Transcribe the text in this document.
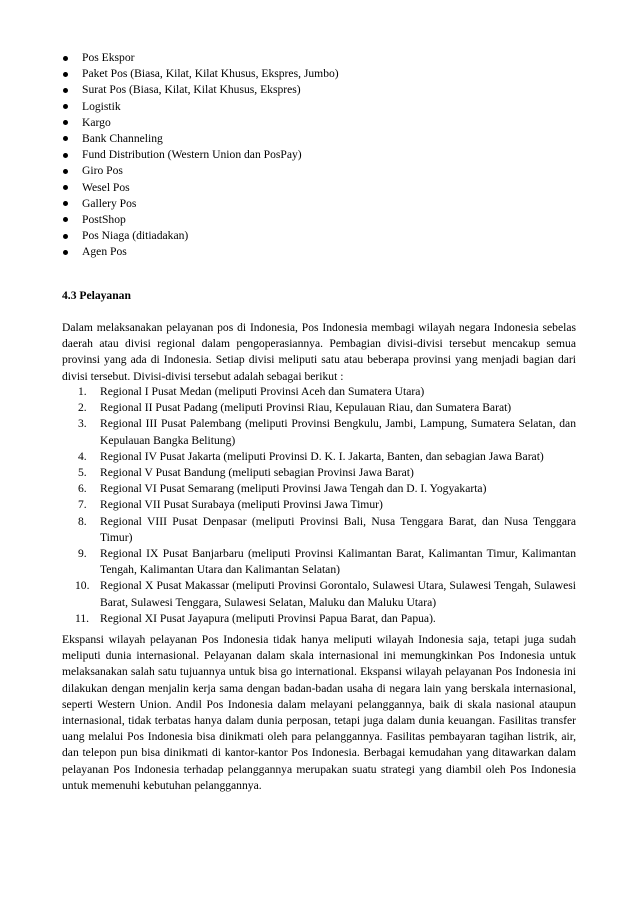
Pos Ekspor
Paket Pos (Biasa, Kilat, Kilat Khusus, Ekspres, Jumbo)
Surat Pos (Biasa, Kilat, Kilat Khusus, Ekspres)
Logistik
Kargo
Bank Channeling
Fund Distribution (Western Union dan PosPay)
Giro Pos
Wesel Pos
Gallery Pos
PostShop
Pos Niaga (ditiadakan)
Agen Pos
4.3 Pelayanan

Dalam melaksanakan pelayanan pos di Indonesia, Pos Indonesia membagi wilayah negara Indonesia sebelas daerah atau divisi regional dalam pengoperasiannya. Pembagian divisi-divisi tersebut mencakup semua provinsi yang ada di Indonesia. Setiap divisi meliputi satu atau beberapa provinsi yang menjadi bagian dari divisi tersebut. Divisi-divisi tersebut adalah sebagai berikut :

1.	Regional I Pusat Medan (meliputi Provinsi Aceh dan Sumatera Utara)
2.	Regional II Pusat Padang (meliputi Provinsi Riau, Kepulauan Riau, dan Sumatera Barat)
3.	Regional III Pusat Palembang (meliputi Provinsi Bengkulu, Jambi, Lampung, Sumatera Selatan, dan Kepulauan Bangka Belitung)
4.	Regional IV Pusat Jakarta (meliputi Provinsi D. K. I. Jakarta, Banten, dan sebagian Jawa Barat)
5.	Regional V Pusat Bandung (meliputi sebagian Provinsi Jawa Barat)
6.	Regional VI Pusat Semarang (meliputi Provinsi Jawa Tengah dan D. I. Yogyakarta)
7.	Regional VII Pusat Surabaya (meliputi Provinsi Jawa Timur)
8.	Regional VIII Pusat Denpasar (meliputi Provinsi Bali, Nusa Tenggara Barat, dan Nusa Tenggara Timur)
9.	Regional IX Pusat Banjarbaru (meliputi Provinsi Kalimantan Barat, Kalimantan Timur, Kalimantan Tengah, Kalimantan Utara dan Kalimantan Selatan)
10. Regional X Pusat Makassar (meliputi Provinsi Gorontalo, Sulawesi Utara, Sulawesi Tengah, Sulawesi Barat, Sulawesi Tenggara, Sulawesi Selatan, Maluku dan Maluku Utara)
11. Regional XI Pusat Jayapura (meliputi Provinsi Papua Barat, dan Papua).

Ekspansi wilayah pelayanan Pos Indonesia tidak hanya meliputi wilayah Indonesia saja, tetapi juga sudah meliputi dunia internasional. Pelayanan dalam skala internasional ini memungkinkan Pos Indonesia untuk melaksanakan salah satu tujuannya untuk bisa go international. Ekspansi wilayah pelayanan Pos Indonesia ini dilakukan dengan menjalin kerja sama dengan badan-badan usaha di negara lain yang berskala internasional, seperti Western Union. Andil Pos Indonesia dalam melayani pelanggannya, baik di skala nasional ataupun internasional, tidak terbatas hanya dalam dunia perposan, tetapi juga dalam dunia keuangan. Fasilitas transfer uang melalui Pos Indonesia bisa dinikmati oleh para pelanggannya. Fasilitas pembayaran tagihan listrik, air, dan telepon pun bisa dinikmati di kantor-kantor Pos Indonesia. Berbagai kemudahan yang ditawarkan dalam pelayanan Pos Indonesia terhadap pelanggannya merupakan suatu strategi yang diambil oleh Pos Indonesia untuk memenuhi kebutuhan pelanggannya.
